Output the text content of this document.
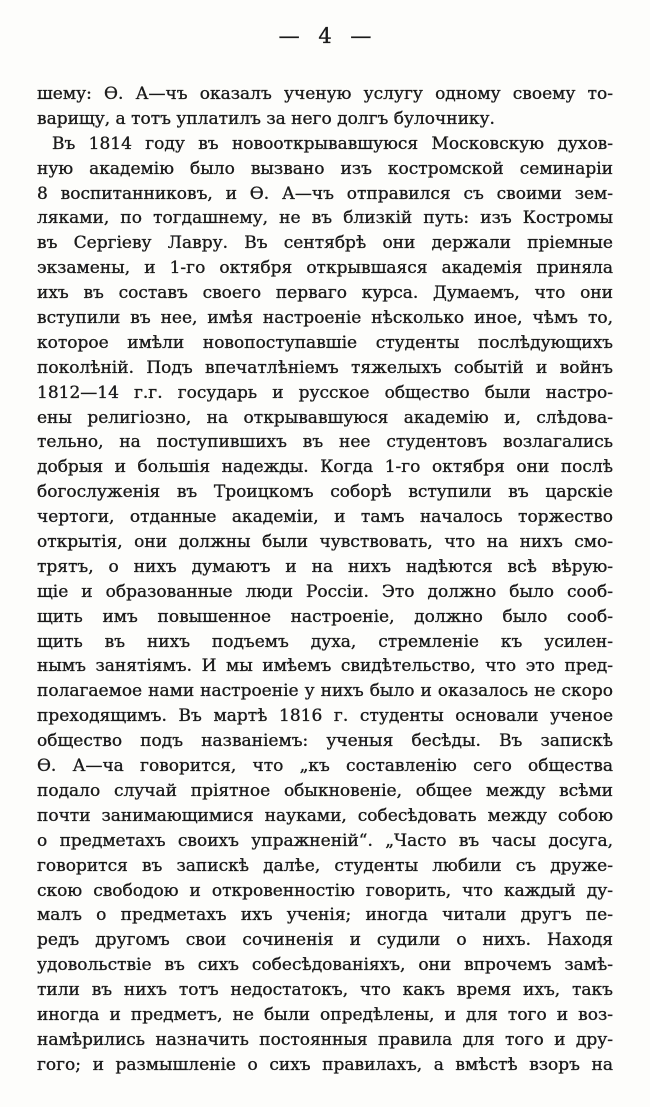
— 4 —
шему: Ѳ. А—чъ оказалъ ученую услугу одному своему то-
варищу, а тотъ уплатилъ за него долгъ булочнику.
Въ 1814 году въ новооткрывавшуюся Московскую духов-
ную академію было вызвано изъ костромской семинаріи
8 воспитанниковъ, и Ѳ. А—чъ отправился съ своими зем-
ляками, по тогдашнему, не въ близкій путь: изъ Костромы
въ Сергіеву Лавру. Въ сентябрѣ они держали пріемные
экзамены, и 1-го октября открывшаяся академія приняла
ихъ въ составъ своего перваго курса. Думаемъ, что они
вступили въ нее, имѣя настроеніе нѣсколько иное, чѣмъ то,
которое имѣли новопоступавшіе студенты послѣдующихъ
поколѣній. Подъ впечатлѣніемъ тяжелыхъ событій и войнъ
1812—14 г.г. государь и русское общество были настро-
ены религіозно, на открывавшуюся академію и, слѣдова-
тельно, на поступившихъ въ нее студентовъ возлагались
добрыя и большія надежды. Когда 1-го октября они послѣ
богослуженія въ Троицкомъ соборѣ вступили въ царскіе
чертоги, отданные академіи, и тамъ началось торжество
открытія, они должны были чувствовать, что на нихъ смо-
трятъ, о нихъ думаютъ и на нихъ надѣются всѣ вѣрую-
щіе и образованные люди Россіи. Это должно было сооб-
щить имъ повышенное настроеніе, должно было сооб-
щить въ нихъ подъемъ духа, стремленіе къ усилен-
нымъ занятіямъ. И мы имѣемъ свидѣтельство, что это пред-
полагаемое нами настроеніе у нихъ было и оказалось не скоро
преходящимъ. Въ мартѣ 1816 г. студенты основали ученое
общество подъ названіемъ: ученыя бесѣды. Въ запискѣ
Ѳ. А—ча говорится, что „къ составленію сего общества
подало случай пріятное обыкновеніе, общее между всѣми
почти занимающимися науками, собесѣдовать между собою
о предметахъ своихъ упражненій“. „Часто въ часы досуга,
говорится въ запискѣ далѣе, студенты любили съ друже-
скою свободою и откровенностію говорить, что каждый ду-
малъ о предметахъ ихъ ученія; иногда читали другъ пе-
редъ другомъ свои сочиненія и судили о нихъ. Находя
удовольствіе въ сихъ собесѣдованіяхъ, они впрочемъ замѣ-
тили въ нихъ тотъ недостатокъ, что какъ время ихъ, такъ
иногда и предметъ, не были опредѣлены, и для того и воз-
намѣрились назначить постоянныя правила для того и дру-
гого; и размышленіе о сихъ правилахъ, а вмѣстѣ взоръ на
